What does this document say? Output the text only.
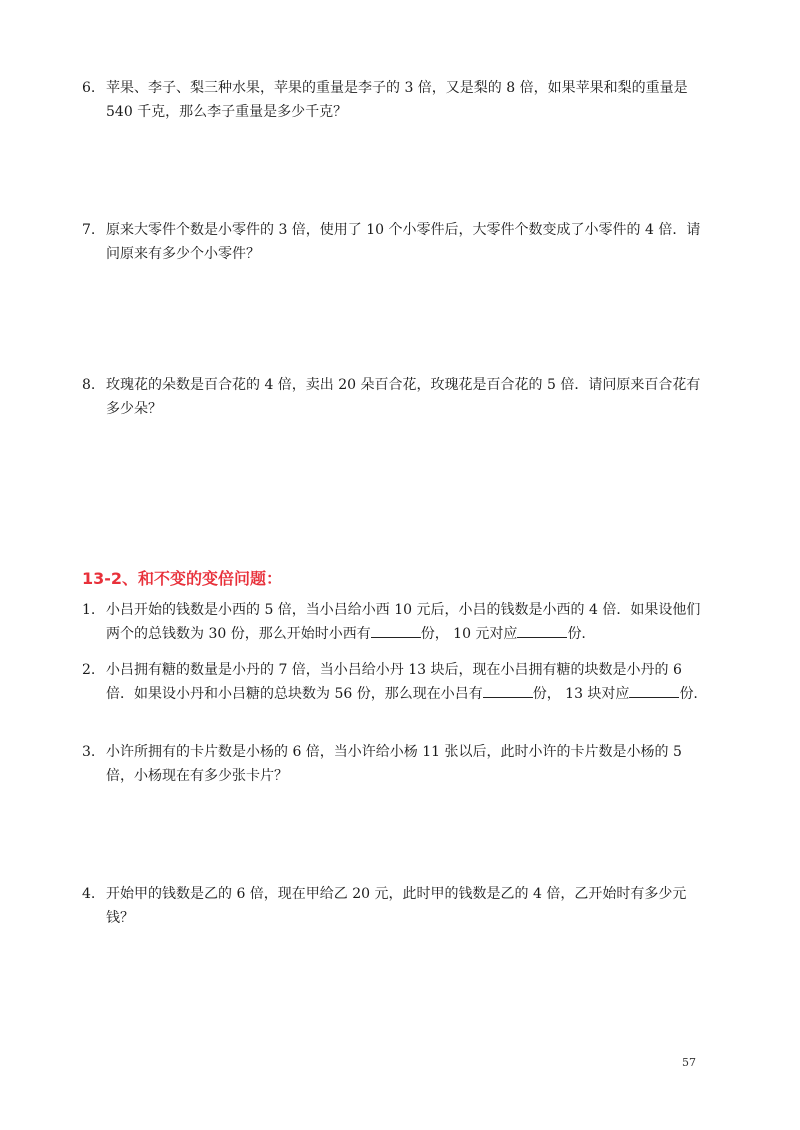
6. 苹果、李子、梨三种水果，苹果的重量是李子的 3 倍，又是梨的 8 倍，如果苹果和梨的重量是 540 千克，那么李子重量是多少千克？
7. 原来大零件个数是小零件的 3 倍，使用了 10 个小零件后，大零件个数变成了小零件的 4 倍．请问原来有多少个小零件？
8. 玫瑰花的朵数是百合花的 4 倍，卖出 20 朵百合花，玫瑰花是百合花的 5 倍．请问原来百合花有多少朵？
13-2、和不变的变倍问题：
1. 小吕开始的钱数是小西的 5 倍，当小吕给小西 10 元后，小吕的钱数是小西的 4 倍．如果设他们两个的总钱数为 30 份，那么开始时小西有	份， 10 元对应	份.
2. 小吕拥有糖的数量是小丹的 7 倍，当小吕给小丹 13 块后，现在小吕拥有糖的块数是小丹的 6 倍．如果设小丹和小吕糖的总块数为 56 份，那么现在小吕有	份， 13 块对应	份.
3. 小许所拥有的卡片数是小杨的 6 倍，当小许给小杨 11 张以后，此时小许的卡片数是小杨的 5 倍，小杨现在有多少张卡片？
4. 开始甲的钱数是乙的 6 倍，现在甲给乙 20 元，此时甲的钱数是乙的 4 倍，乙开始时有多少元钱？
57
